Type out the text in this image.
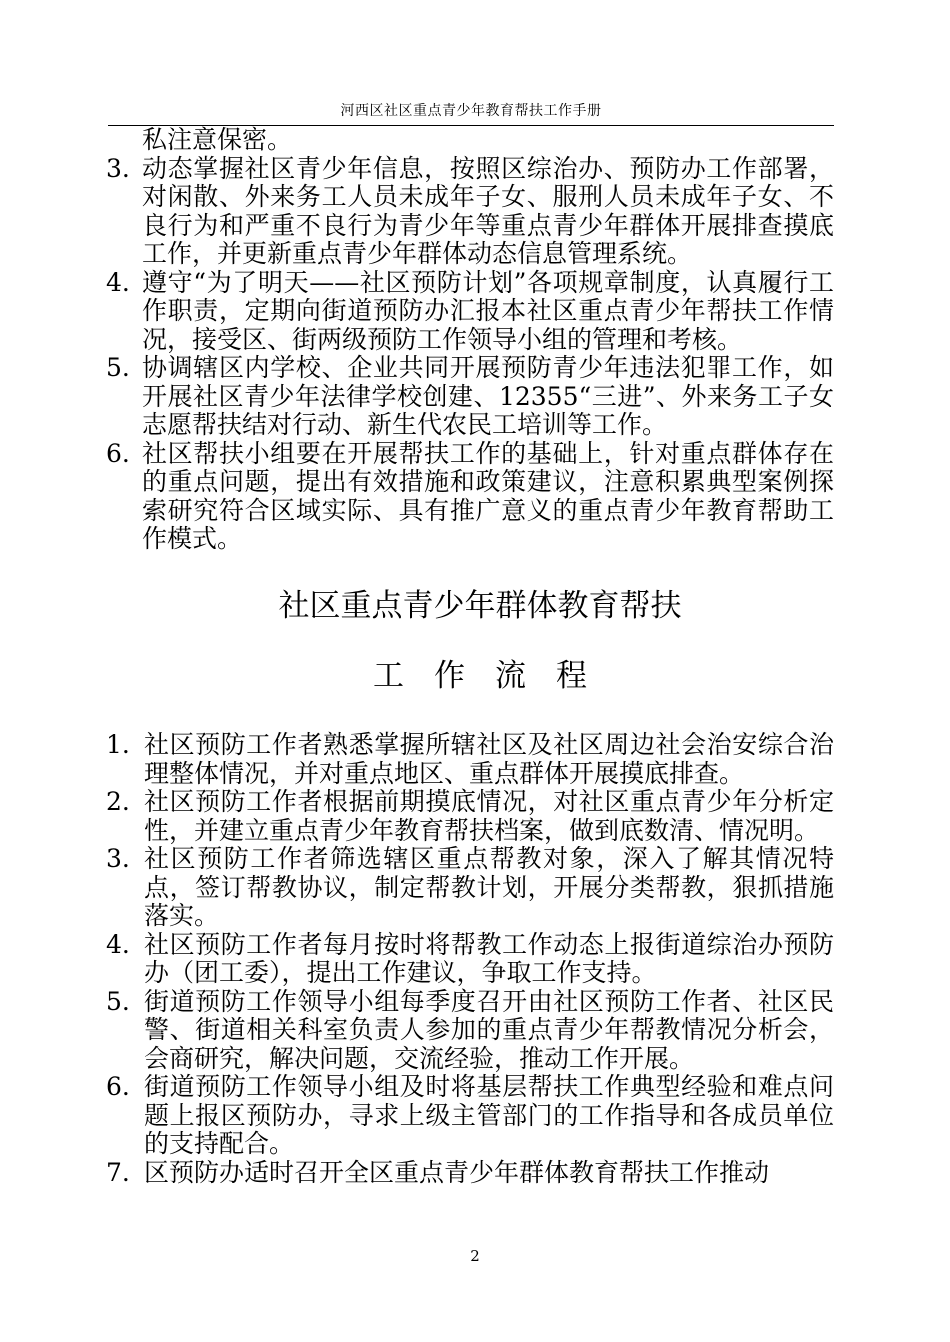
河西区社区重点青少年教育帮扶工作手册
私注意保密。
3. 动态掌握社区青少年信息，按照区综治办、预防办工作部署，对闲散、外来务工人员未成年子女、服刑人员未成年子女、不良行为和严重不良行为青少年等重点青少年群体开展排查摸底工作，并更新重点青少年群体动态信息管理系统。
4. 遵守“为了明天——社区预防计划”各项规章制度，认真履行工作职责，定期向街道预防办汇报本社区重点青少年帮扶工作情况，接受区、街两级预防工作领导小组的管理和考核。
5. 协调辖区内学校、企业共同开展预防青少年违法犯罪工作，如开展社区青少年法律学校创建、12355“三进”、外来务工子女志愿帮扶结对行动、新生代农民工培训等工作。
6. 社区帮扶小组要在开展帮扶工作的基础上，针对重点群体存在的重点问题，提出有效措施和政策建议，注意积累典型案例探索研究符合区域实际、具有推广意义的重点青少年教育帮助工作模式。
社区重点青少年群体教育帮扶
工作流程
1. 社区预防工作者熟悉掌握所辖社区及社区周边社会治安综合治理整体情况，并对重点地区、重点群体开展摸底排查。
2. 社区预防工作者根据前期摸底情况，对社区重点青少年分析定性，并建立重点青少年教育帮扶档案，做到底数清、情况明。
3. 社区预防工作者筛选辖区重点帮教对象，深入了解其情况特点，签订帮教协议，制定帮教计划，开展分类帮教，狠抓措施落实。
4. 社区预防工作者每月按时将帮教工作动态上报街道综治办预防办（团工委），提出工作建议，争取工作支持。
5. 街道预防工作领导小组每季度召开由社区预防工作者、社区民警、街道相关科室负责人参加的重点青少年帮教情况分析会，会商研究，解决问题，交流经验，推动工作开展。
6. 街道预防工作领导小组及时将基层帮扶工作典型经验和难点问题上报区预防办，寻求上级主管部门的工作指导和各成员单位的支持配合。
7. 区预防办适时召开全区重点青少年群体教育帮扶工作推动
2
